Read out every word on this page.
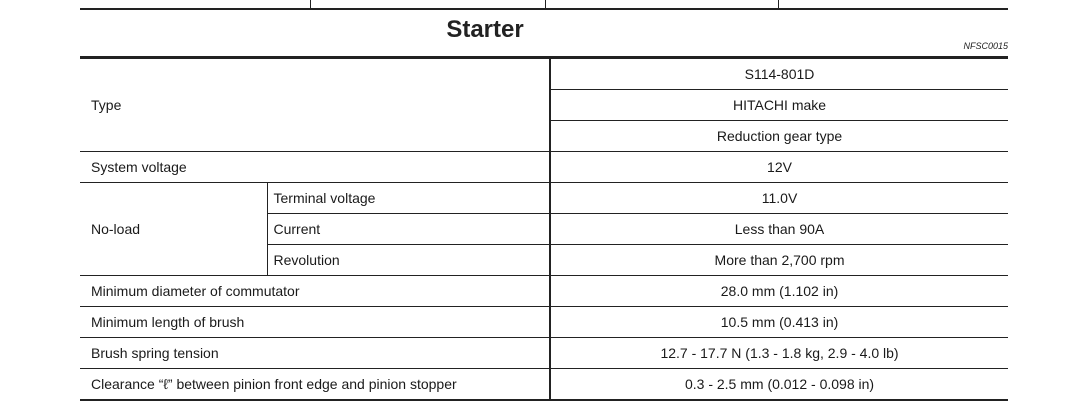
Starter
NFSC0015
Type		S114-801D
		HITACHI make
		Reduction gear type
System voltage		12V
No-load	Terminal voltage	11.0V
	Current	Less than 90A
	Revolution	More than 2,700 rpm
Minimum diameter of commutator		28.0 mm (1.102 in)
Minimum length of brush		10.5 mm (0.413 in)
Brush spring tension		12.7 - 17.7 N (1.3 - 1.8 kg, 2.9 - 4.0 lb)
Clearance “ℓ” between pinion front edge and pinion stopper		0.3 - 2.5 mm (0.012 - 0.098 in)
